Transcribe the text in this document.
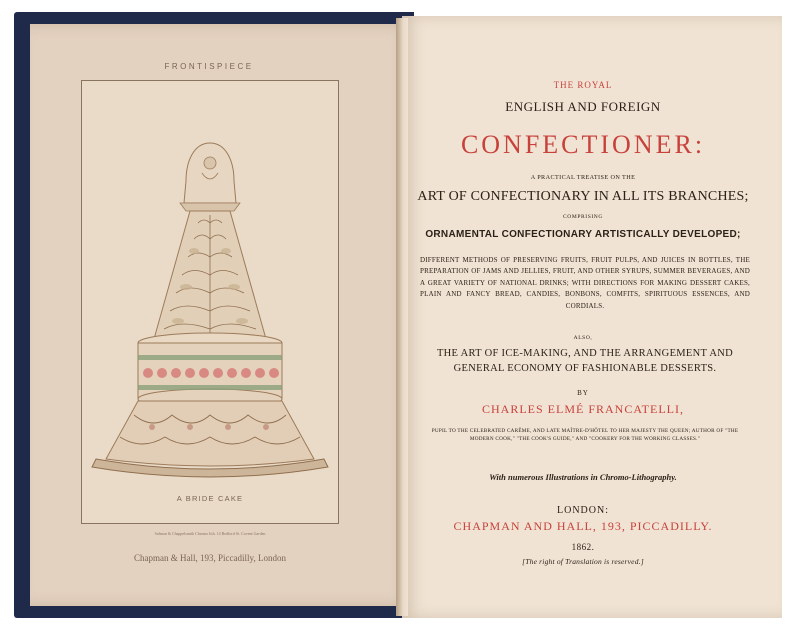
FRONTISPIECE
A BRIDE CAKE
Sulman & Chappelsmith Chromo lith. 14 Bedford St. Covent Garden
Chapman & Hall, 193, Piccadilly, London
THE ROYAL
ENGLISH AND FOREIGN
CONFECTIONER:
A PRACTICAL TREATISE ON THE
ART OF CONFECTIONARY IN ALL ITS BRANCHES;
COMPRISING
ORNAMENTAL CONFECTIONARY ARTISTICALLY DEVELOPED;
DIFFERENT METHODS OF PRESERVING FRUITS, FRUIT PULPS, AND JUICES IN BOTTLES, THE PREPARATION OF JAMS AND JELLIES, FRUIT, AND OTHER SYRUPS, SUMMER BEVERAGES, AND A GREAT VARIETY OF NATIONAL DRINKS; WITH DIRECTIONS FOR MAKING DESSERT CAKES, PLAIN AND FANCY BREAD, CANDIES, BONBONS, COMFITS, SPIRITUOUS ESSENCES, AND CORDIALS.
ALSO,
THE ART OF ICE-MAKING, AND THE ARRANGEMENT AND GENERAL ECONOMY OF FASHIONABLE DESSERTS.
BY
CHARLES ELMÉ FRANCATELLI,
PUPIL TO THE CELEBRATED CARÊME, AND LATE MAÎTRE-D'HÔTEL TO HER MAJESTY THE QUEEN; AUTHOR OF "THE MODERN COOK," "THE COOK'S GUIDE," AND "COOKERY FOR THE WORKING CLASSES."
With numerous Illustrations in Chromo-Lithography.
LONDON:
CHAPMAN AND HALL, 193, PICCADILLY.
1862.
[The right of Translation is reserved.]
